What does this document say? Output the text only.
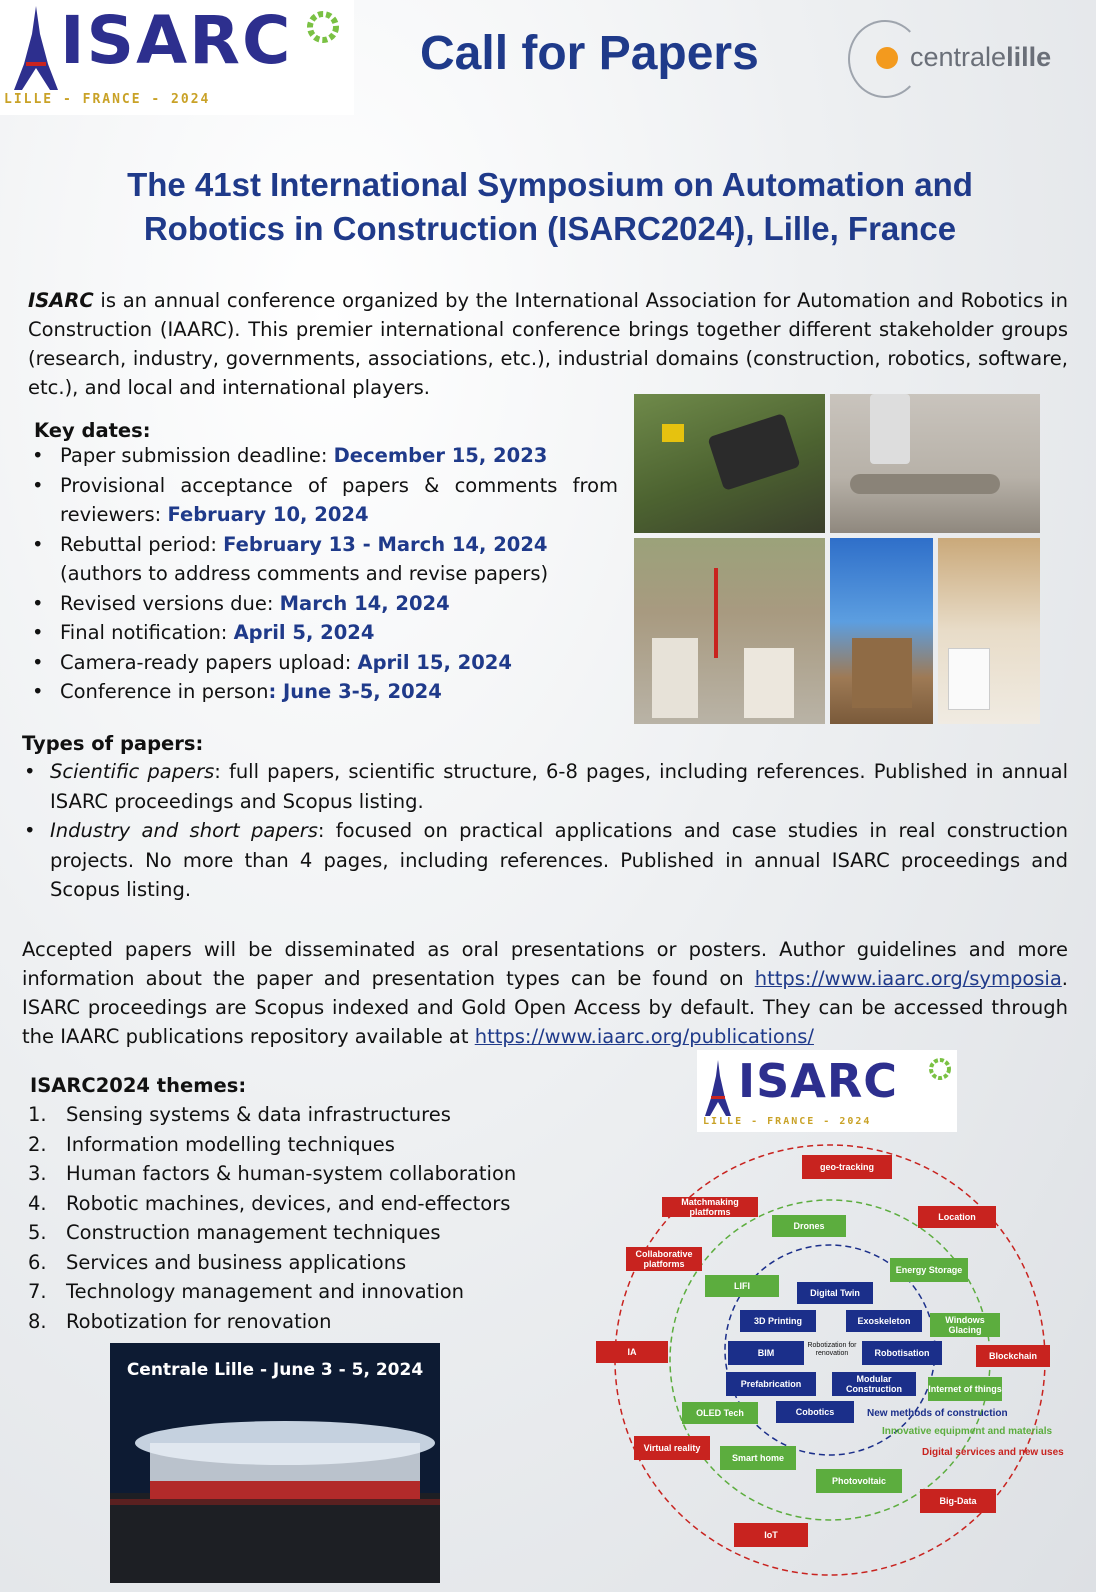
ISARC
LILLE - FRANCE - 2024
Call for Papers	centralelille
The 41st International Symposium on Automation and
Robotics in Construction (ISARC2024), Lille, France
ISARC is an annual conference organized by the International Association for Automation and Robotics in Construction (IAARC). This premier international conference brings together different stakeholder groups (research, industry, governments, associations, etc.), industrial domains (construction, robotics, software, etc.), and local and international players.
Key dates:
• Paper submission deadline: December 15, 2023
• Provisional acceptance of papers & comments from reviewers: February 10, 2024
• Rebuttal period: February 13 - March 14, 2024
(authors to address comments and revise papers)
• Revised versions due: March 14, 2024
• Final notification: April 5, 2024
• Camera-ready papers upload: April 15, 2024
• Conference in person: June 3-5, 2024
Types of papers:
• Scientific papers: full papers, scientific structure, 6-8 pages, including references. Published in annual ISARC proceedings and Scopus listing.
• Industry and short papers: focused on practical applications and case studies in real construction projects. No more than 4 pages, including references. Published in annual ISARC proceedings and Scopus listing.
Accepted papers will be disseminated as oral presentations or posters. Author guidelines and more information about the paper and presentation types can be found on https://www.iaarc.org/symposia. ISARC proceedings are Scopus indexed and Gold Open Access by default. They can be accessed through the IAARC publications repository available at https://www.iaarc.org/publications/
ISARC2024 themes:
1. Sensing systems & data infrastructures
2. Information modelling techniques
3. Human factors & human-system collaboration
4. Robotic machines, devices, and end-effectors
5. Construction management techniques
6. Services and business applications
7. Technology management and innovation
8. Robotization for renovation
Centrale Lille - June 3 - 5, 2024
ISARC
LILLE - FRANCE - 2024
geo-tracking
Matchmaking platforms	Location
Collaborative platforms
IA	Blockchain
Virtual reality
Big-Data
IoT
Drones
Energy Storage
LIFI
Windows Glacing
Internet of things
OLED Tech
Smart home
Photovoltaic
Digital Twin
3D Printing	Exoskeleton
BIM
Robotization for renovation	Robotisation
Prefabrication	Modular Construction
Cobotics	New methods of construction
Innovative equipment and materials
Digital services and new uses
